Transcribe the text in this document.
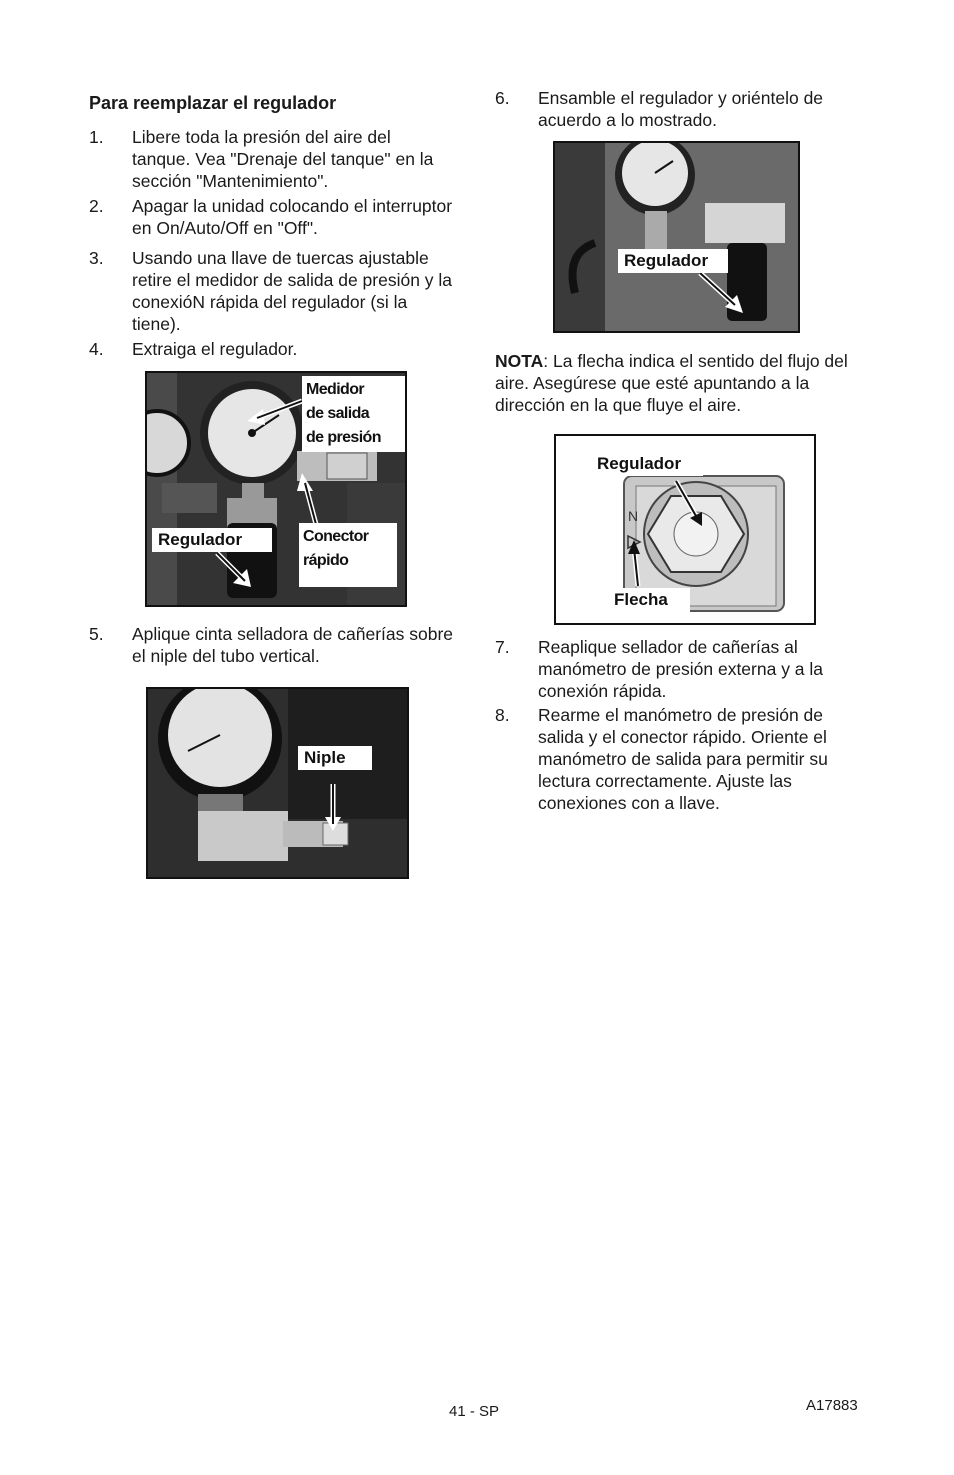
Para reemplazar el regulador
1. Libere toda la presión del aire del tanque. Vea "Drenaje del tanque" en la sección "Mantenimiento".
2. Apagar la unidad colocando el interruptor en On/Auto/Off en "Off".
3. Usando una llave de tuercas ajustable retire el medidor de salida de presión y la conexióN rápida del regulador (si la tiene).
4. Extraiga el regulador.
Medidor
de salida
de presión
Regulador	Conector
rápido
5. Aplique cinta selladora de cañerías sobre el niple del tubo vertical.
Niple
6. Ensamble el regulador y oriéntelo de acuerdo a lo mostrado.
Regulador
NOTA: La flecha indica el sentido del flujo del aire. Asegúrese que esté apuntando a la dirección en la que fluye el aire.
N
Regulador
Flecha
7. Reaplique sellador de cañerías al manómetro de presión externa y a la conexión rápida.
8. Rearme el manómetro de presión de salida y el conector rápido. Oriente el manómetro de salida para permitir su lectura correctamente. Ajuste las conexiones con a llave.
41 - SP	A17883
